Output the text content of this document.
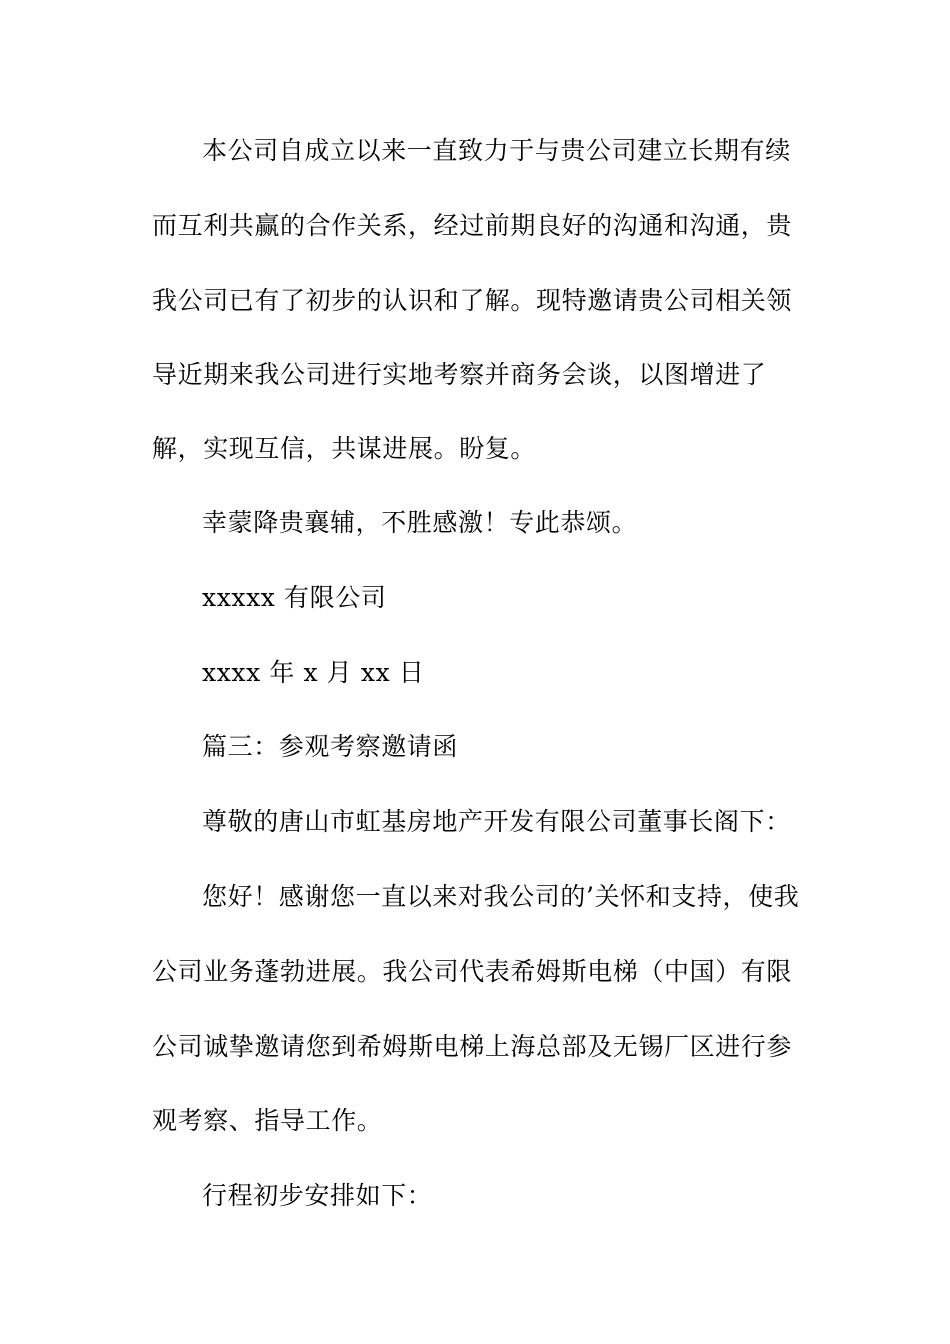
本公司自成立以来一直致力于与贵公司建立长期有续
而互利共赢的合作关系，经过前期良好的沟通和沟通，贵
我公司已有了初步的认识和了解。现特邀请贵公司相关领
导近期来我公司进行实地考察并商务会谈，以图增进了
解，实现互信，共谋进展。盼复。
幸蒙降贵襄辅，不胜感激！专此恭颂。
xxxxx 有限公司
xxxx 年 x 月 xx 日
篇三：参观考察邀请函
尊敬的唐山市虹基房地产开发有限公司董事长阁下：
您好！感谢您一直以来对我公司的’关怀和支持，使我
公司业务蓬勃进展。我公司代表希姆斯电梯（中国）有限
公司诚挚邀请您到希姆斯电梯上海总部及无锡厂区进行参
观考察、指导工作。
行程初步安排如下：
